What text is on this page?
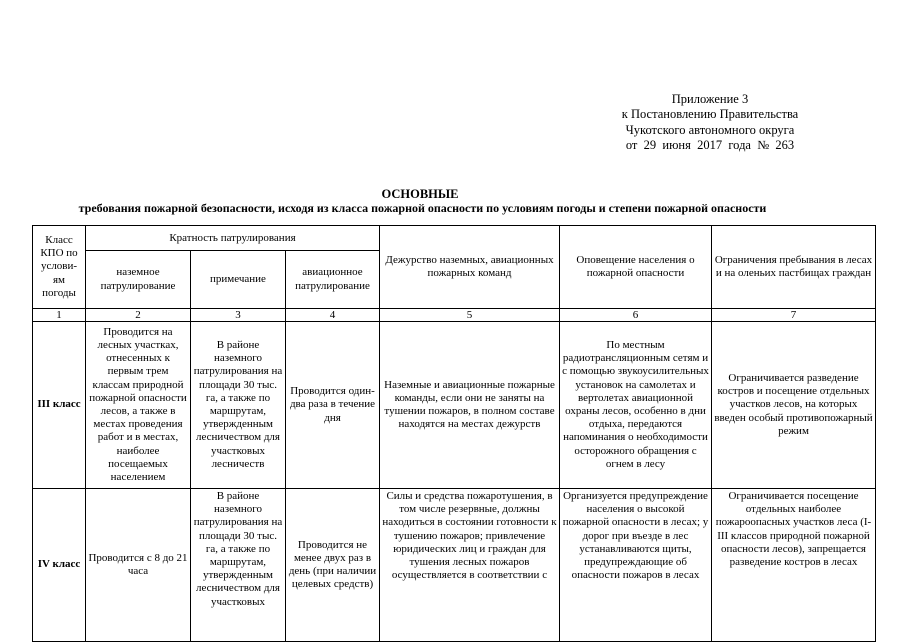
Приложение 3
к Постановлению Правительства
Чукотского автономного округа
от  29  июня  2017  года  №  263
ОСНОВНЫЕ
требования пожарной безопасности, исходя из класса пожарной опасности по условиям погоды и степени пожарной опасности
Класс КПО по услови-ям погоды	Кратность патрулирования			Дежурство наземных, авиационных пожарных команд	Оповещение населения о пожарной опасности	Ограничения пребывания в лесах и на оленьих пастбищах граждан
	наземное патрулирование	примечание	авиационное патрулирование			
1	2	3	4	5	6	7
III класс	Проводится на лесных участках, отнесенных к первым трем классам природной пожарной опасности лесов, а также в местах проведения работ и в местах, наиболее посещаемых населением	В районе наземного патрулирования на площади 30 тыс. га, а также по маршрутам, утвержденным лесничеством для участковых лесничеств	Проводится один-два раза в течение дня	Наземные и авиационные пожарные команды, если они не заняты на тушении пожаров, в полном составе находятся на местах дежурств	По местным радиотрансляционным сетям и с помощью звукоусилительных установок на самолетах и вертолетах авиационной охраны лесов, особенно в дни отдыха, передаются напоминания о необходимости осторожного обращения с огнем в лесу	Ограничивается разведение костров и посещение отдельных участков лесов, на которых введен особый противопожарный режим
IV класс	Проводится с 8 до 21 часа	В районе наземного патрулирования на площади 30 тыс. га, а также по маршрутам, утвержденным лесничеством для участковых	Проводится не менее двух раз в день (при наличии целевых средств)	Силы и средства пожаротушения, в том числе резервные, должны находиться в состоянии готовности к тушению пожаров; привлечение юридических лиц и граждан для тушения лесных пожаров осуществляется в соответствии с	Организуется предупреждение населения о высокой пожарной опасности в лесах; у дорог при въезде в лес устанавливаются щиты, предупреждающие об опасности пожаров в лесах	Ограничивается посещение отдельных наиболее пожароопасных участков леса (I-III классов природной пожарной опасности лесов), запрещается разведение костров в лесах
